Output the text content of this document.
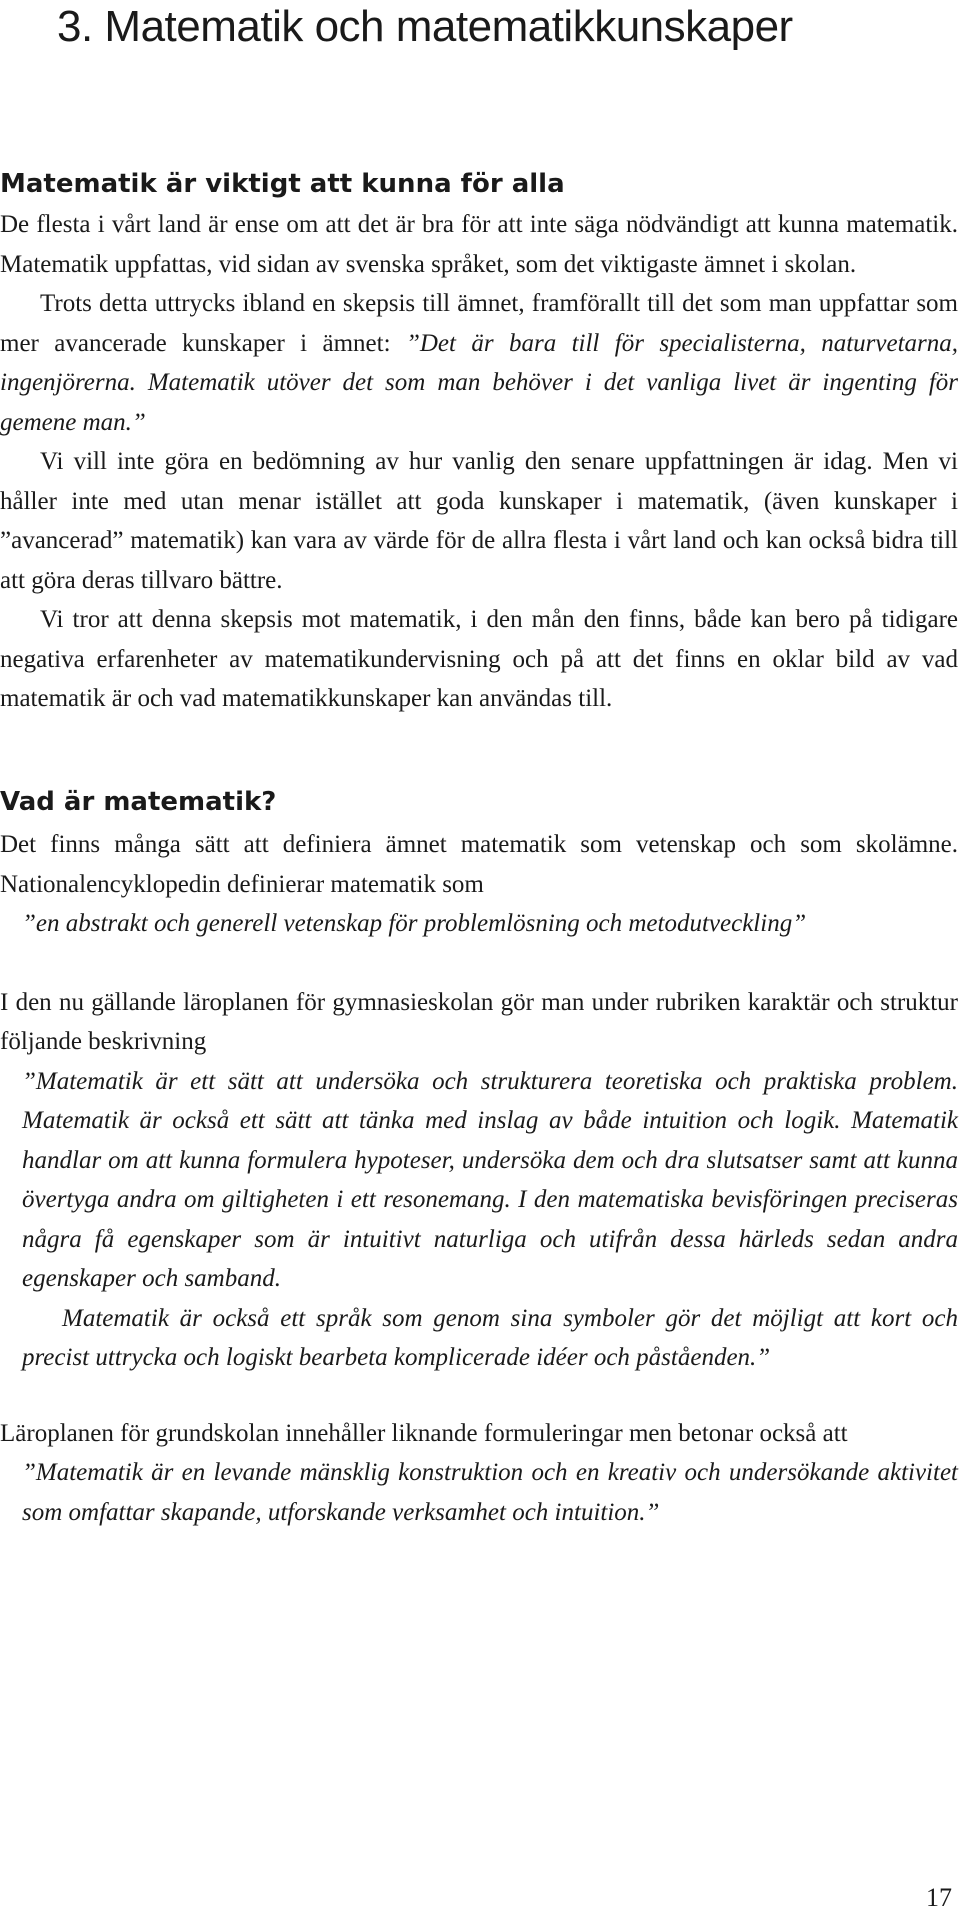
3. Matematik och matematikkunskaper
Matematik är viktigt att kunna för alla

De flesta i vårt land är ense om att det är bra för att inte säga nödvändigt att kunna matematik. Matematik uppfattas, vid sidan av svenska språket, som det viktigaste ämnet i skolan.

Trots detta uttrycks ibland en skepsis till ämnet, framförallt till det som man uppfattar som mer avancerade kunskaper i ämnet: ”Det är bara till för specialisterna, naturvetarna, ingenjörerna. Matematik utöver det som man behöver i det vanliga livet är ingenting för gemene man.”

Vi vill inte göra en bedömning av hur vanlig den senare uppfattningen är idag. Men vi håller inte med utan menar istället att goda kunskaper i matematik, (även kunskaper i ”avancerad” matematik) kan vara av värde för de allra flesta i vårt land och kan också bidra till att göra deras tillvaro bättre.

Vi tror att denna skepsis mot matematik, i den mån den finns, både kan bero på tidigare negativa erfarenheter av matematikundervisning och på att det finns en oklar bild av vad matematik är och vad matematikkunskaper kan användas till.

Vad är matematik?

Det finns många sätt att definiera ämnet matematik som vetenskap och som skolämne. Nationalencyklopedin definierar matematik som

”en abstrakt och generell vetenskap för problemlösning och metodutveckling”

I den nu gällande läroplanen för gymnasieskolan gör man under rubriken karaktär och struktur följande beskrivning

”Matematik är ett sätt att undersöka och strukturera teoretiska och praktiska problem. Matematik är också ett sätt att tänka med inslag av både intuition och logik. Matematik handlar om att kunna formulera hypoteser, undersöka dem och dra slutsatser samt att kunna övertyga andra om giltigheten i ett resonemang. I den matematiska bevisföringen preciseras några få egenskaper som är intuitivt naturliga och utifrån dessa härleds sedan andra egenskaper och samband.

Matematik är också ett språk som genom sina symboler gör det möjligt att kort och precist uttrycka och logiskt bearbeta komplicerade idéer och påståenden.”

Läroplanen för grundskolan innehåller liknande formuleringar men betonar också att

”Matematik är en levande mänsklig konstruktion och en kreativ och undersökande aktivitet som omfattar skapande, utforskande verksamhet och intuition.”

17
